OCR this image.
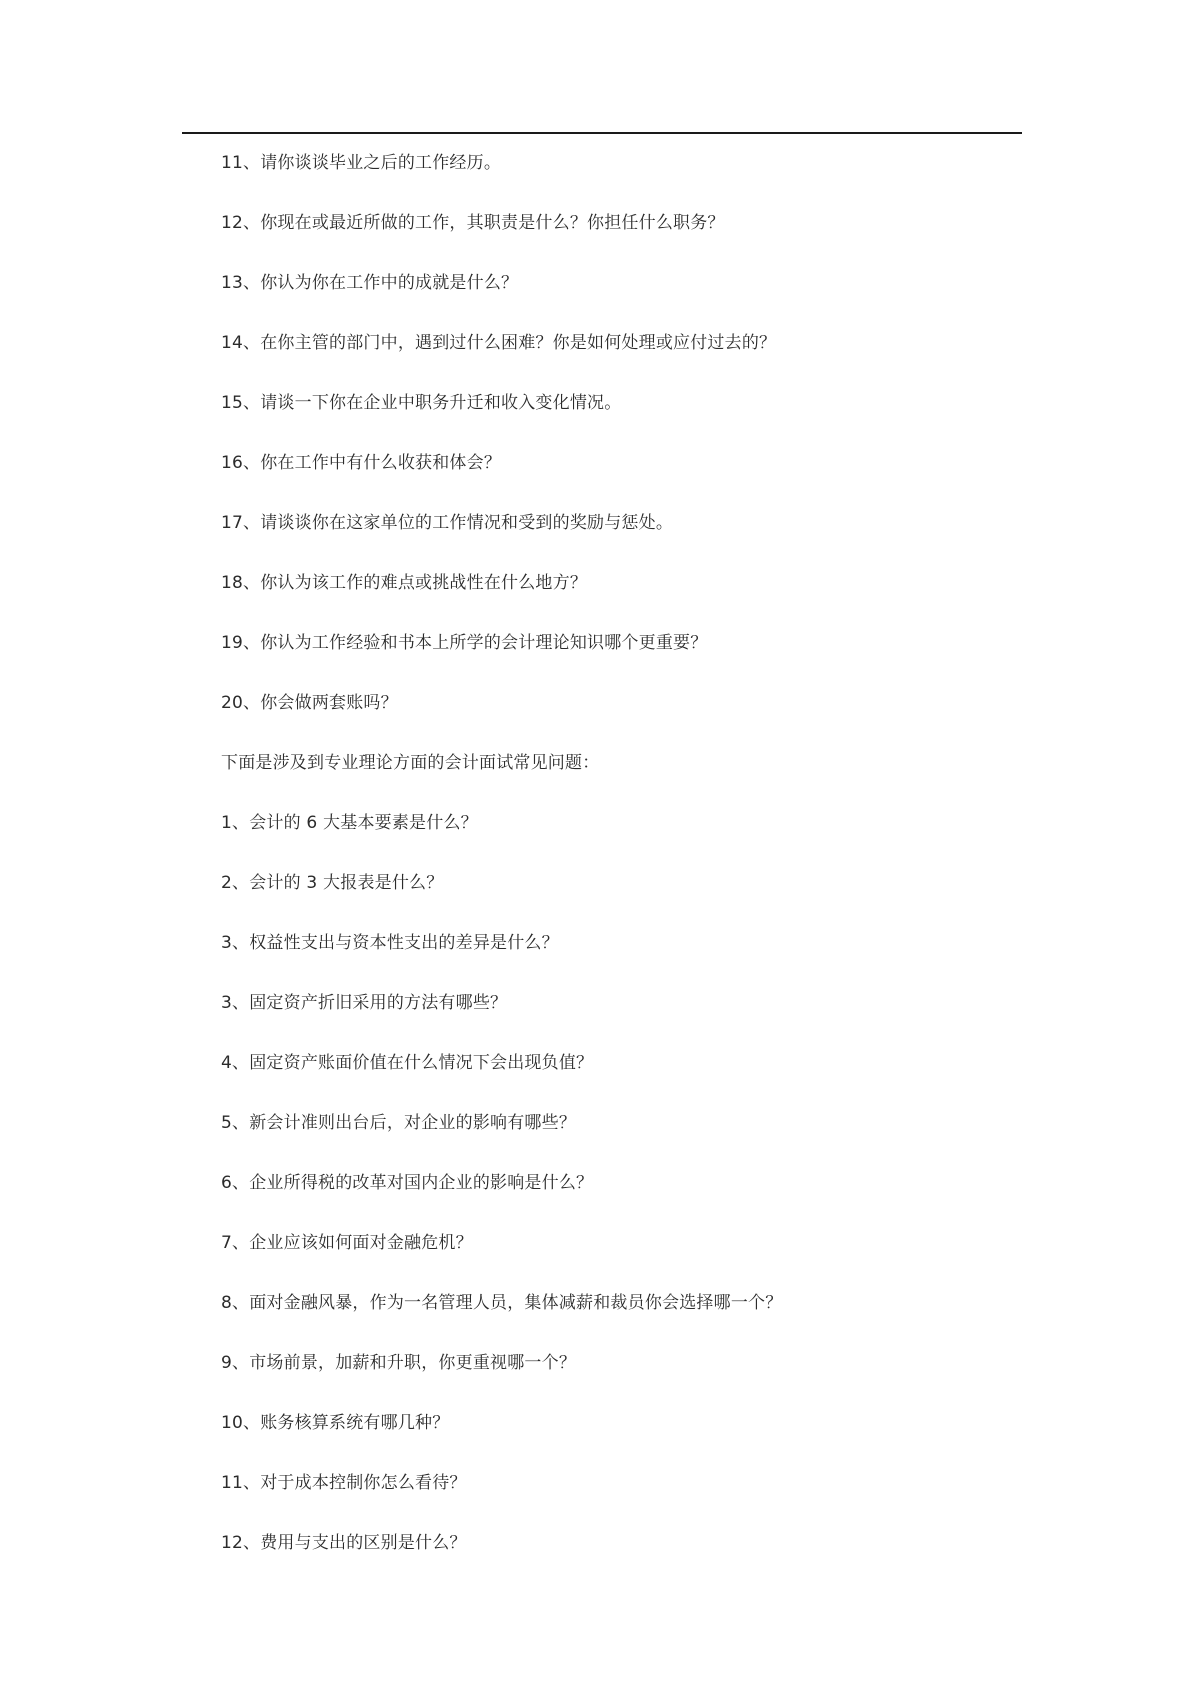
11、请你谈谈毕业之后的工作经历。
12、你现在或最近所做的工作，其职责是什么？你担任什么职务？
13、你认为你在工作中的成就是什么？
14、在你主管的部门中，遇到过什么困难？你是如何处理或应付过去的？
15、请谈一下你在企业中职务升迁和收入变化情况。
16、你在工作中有什么收获和体会？
17、请谈谈你在这家单位的工作情况和受到的奖励与惩处。
18、你认为该工作的难点或挑战性在什么地方？
19、你认为工作经验和书本上所学的会计理论知识哪个更重要？
20、你会做两套账吗？
下面是涉及到专业理论方面的会计面试常见问题：
1、会计的 6 大基本要素是什么？
2、会计的 3 大报表是什么？
3、权益性支出与资本性支出的差异是什么？
3、固定资产折旧采用的方法有哪些？
4、固定资产账面价值在什么情况下会出现负值？
5、新会计准则出台后，对企业的影响有哪些？
6、企业所得税的改革对国内企业的影响是什么？
7、企业应该如何面对金融危机？
8、面对金融风暴，作为一名管理人员，集体减薪和裁员你会选择哪一个？
9、市场前景，加薪和升职，你更重视哪一个？
10、账务核算系统有哪几种？
11、对于成本控制你怎么看待？
12、费用与支出的区别是什么？
